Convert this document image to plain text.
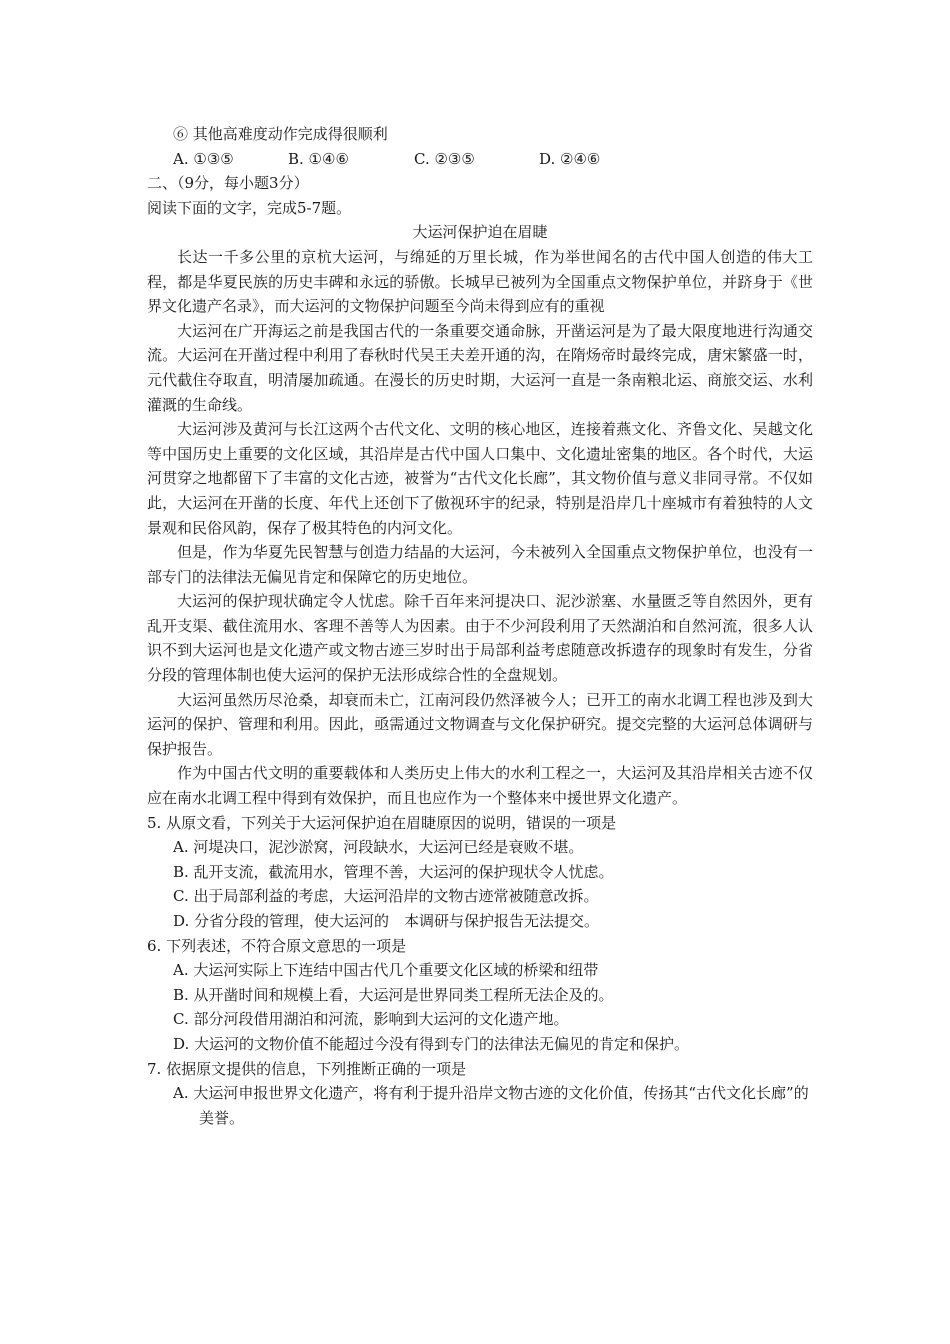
⑥ 其他高难度动作完成得很顺利
A. ①③⑤	B. ①④⑥	C. ②③⑤	D. ②④⑥
二、（9分，每小题3分）
阅读下面的文字，完成5-7题。
大运河保护迫在眉睫
长达一千多公里的京杭大运河，与绵延的万里长城，作为举世闻名的古代中国人创造的伟大工程，都是华夏民族的历史丰碑和永远的骄傲。长城早已被列为全国重点文物保护单位，并跻身于《世界文化遗产名录》，而大运河的文物保护问题至今尚未得到应有的重视
大运河在广开海运之前是我国古代的一条重要交通命脉，开凿运河是为了最大限度地进行沟通交流。大运河在开凿过程中利用了春秋时代吴王夫差开通的沟，在隋炀帝时最终完成，唐宋繁盛一时，元代截住夺取直，明清屡加疏通。在漫长的历史时期，大运河一直是一条南粮北运、商旅交运、水利灌溉的生命线。
大运河涉及黄河与长江这两个古代文化、文明的核心地区，连接着燕文化、齐鲁文化、吴越文化等中国历史上重要的文化区域，其沿岸是古代中国人口集中、文化遗址密集的地区。各个时代，大运河贯穿之地都留下了丰富的文化古迹，被誉为“古代文化长廊”，其文物价值与意义非同寻常。不仅如此，大运河在开凿的长度、年代上还创下了傲视环宇的纪录，特别是沿岸几十座城市有着独特的人文景观和民俗风韵，保存了极其特色的内河文化。
但是，作为华夏先民智慧与创造力结晶的大运河，今未被列入全国重点文物保护单位，也没有一部专门的法律法无偏见肯定和保障它的历史地位。
大运河的保护现状确定令人忧虑。除千百年来河提决口、泥沙淤塞、水量匮乏等自然因外，更有乱开支渠、截住流用水、客理不善等人为因素。由于不少河段利用了天然湖泊和自然河流，很多人认识不到大运河也是文化遗产或文物古迹三岁时出于局部利益考虑随意改拆遗存的现象时有发生，分省分段的管理体制也使大运河的保护无法形成综合性的全盘规划。
大运河虽然历尽沧桑，却衰而未亡，江南河段仍然泽被今人；已开工的南水北调工程也涉及到大运河的保护、管理和利用。因此，亟需通过文物调查与文化保护研究。提交完整的大运河总体调研与保护报告。
作为中国古代文明的重要载体和人类历史上伟大的水利工程之一，大运河及其沿岸相关古迹不仅应在南水北调工程中得到有效保护，而且也应作为一个整体来中援世界文化遗产。
5. 从原文看，下列关于大运河保护迫在眉睫原因的说明，错误的一项是
A. 河堤决口，泥沙淤窝，河段缺水，大运河已经是衰败不堪。
B. 乱开支流，截流用水，管理不善，大运河的保护现状令人忧虑。
C. 出于局部利益的考虑，大运河沿岸的文物古迹常被随意改拆。
D. 分省分段的管理，使大运河的　本调研与保护报告无法提交。
6. 下列表述，不符合原文意思的一项是
A. 大运河实际上下连结中国古代几个重要文化区域的桥梁和纽带
B. 从开凿时间和规模上看，大运河是世界同类工程所无法企及的。
C. 部分河段借用湖泊和河流，影响到大运河的文化遗产地。
D. 大运河的文物价值不能超过今没有得到专门的法律法无偏见的肯定和保护。
7. 依据原文提供的信息，下列推断正确的一项是
A. 大运河申报世界文化遗产，将有利于提升沿岸文物古迹的文化价值，传扬其“古代文化长廊”的美誉。
